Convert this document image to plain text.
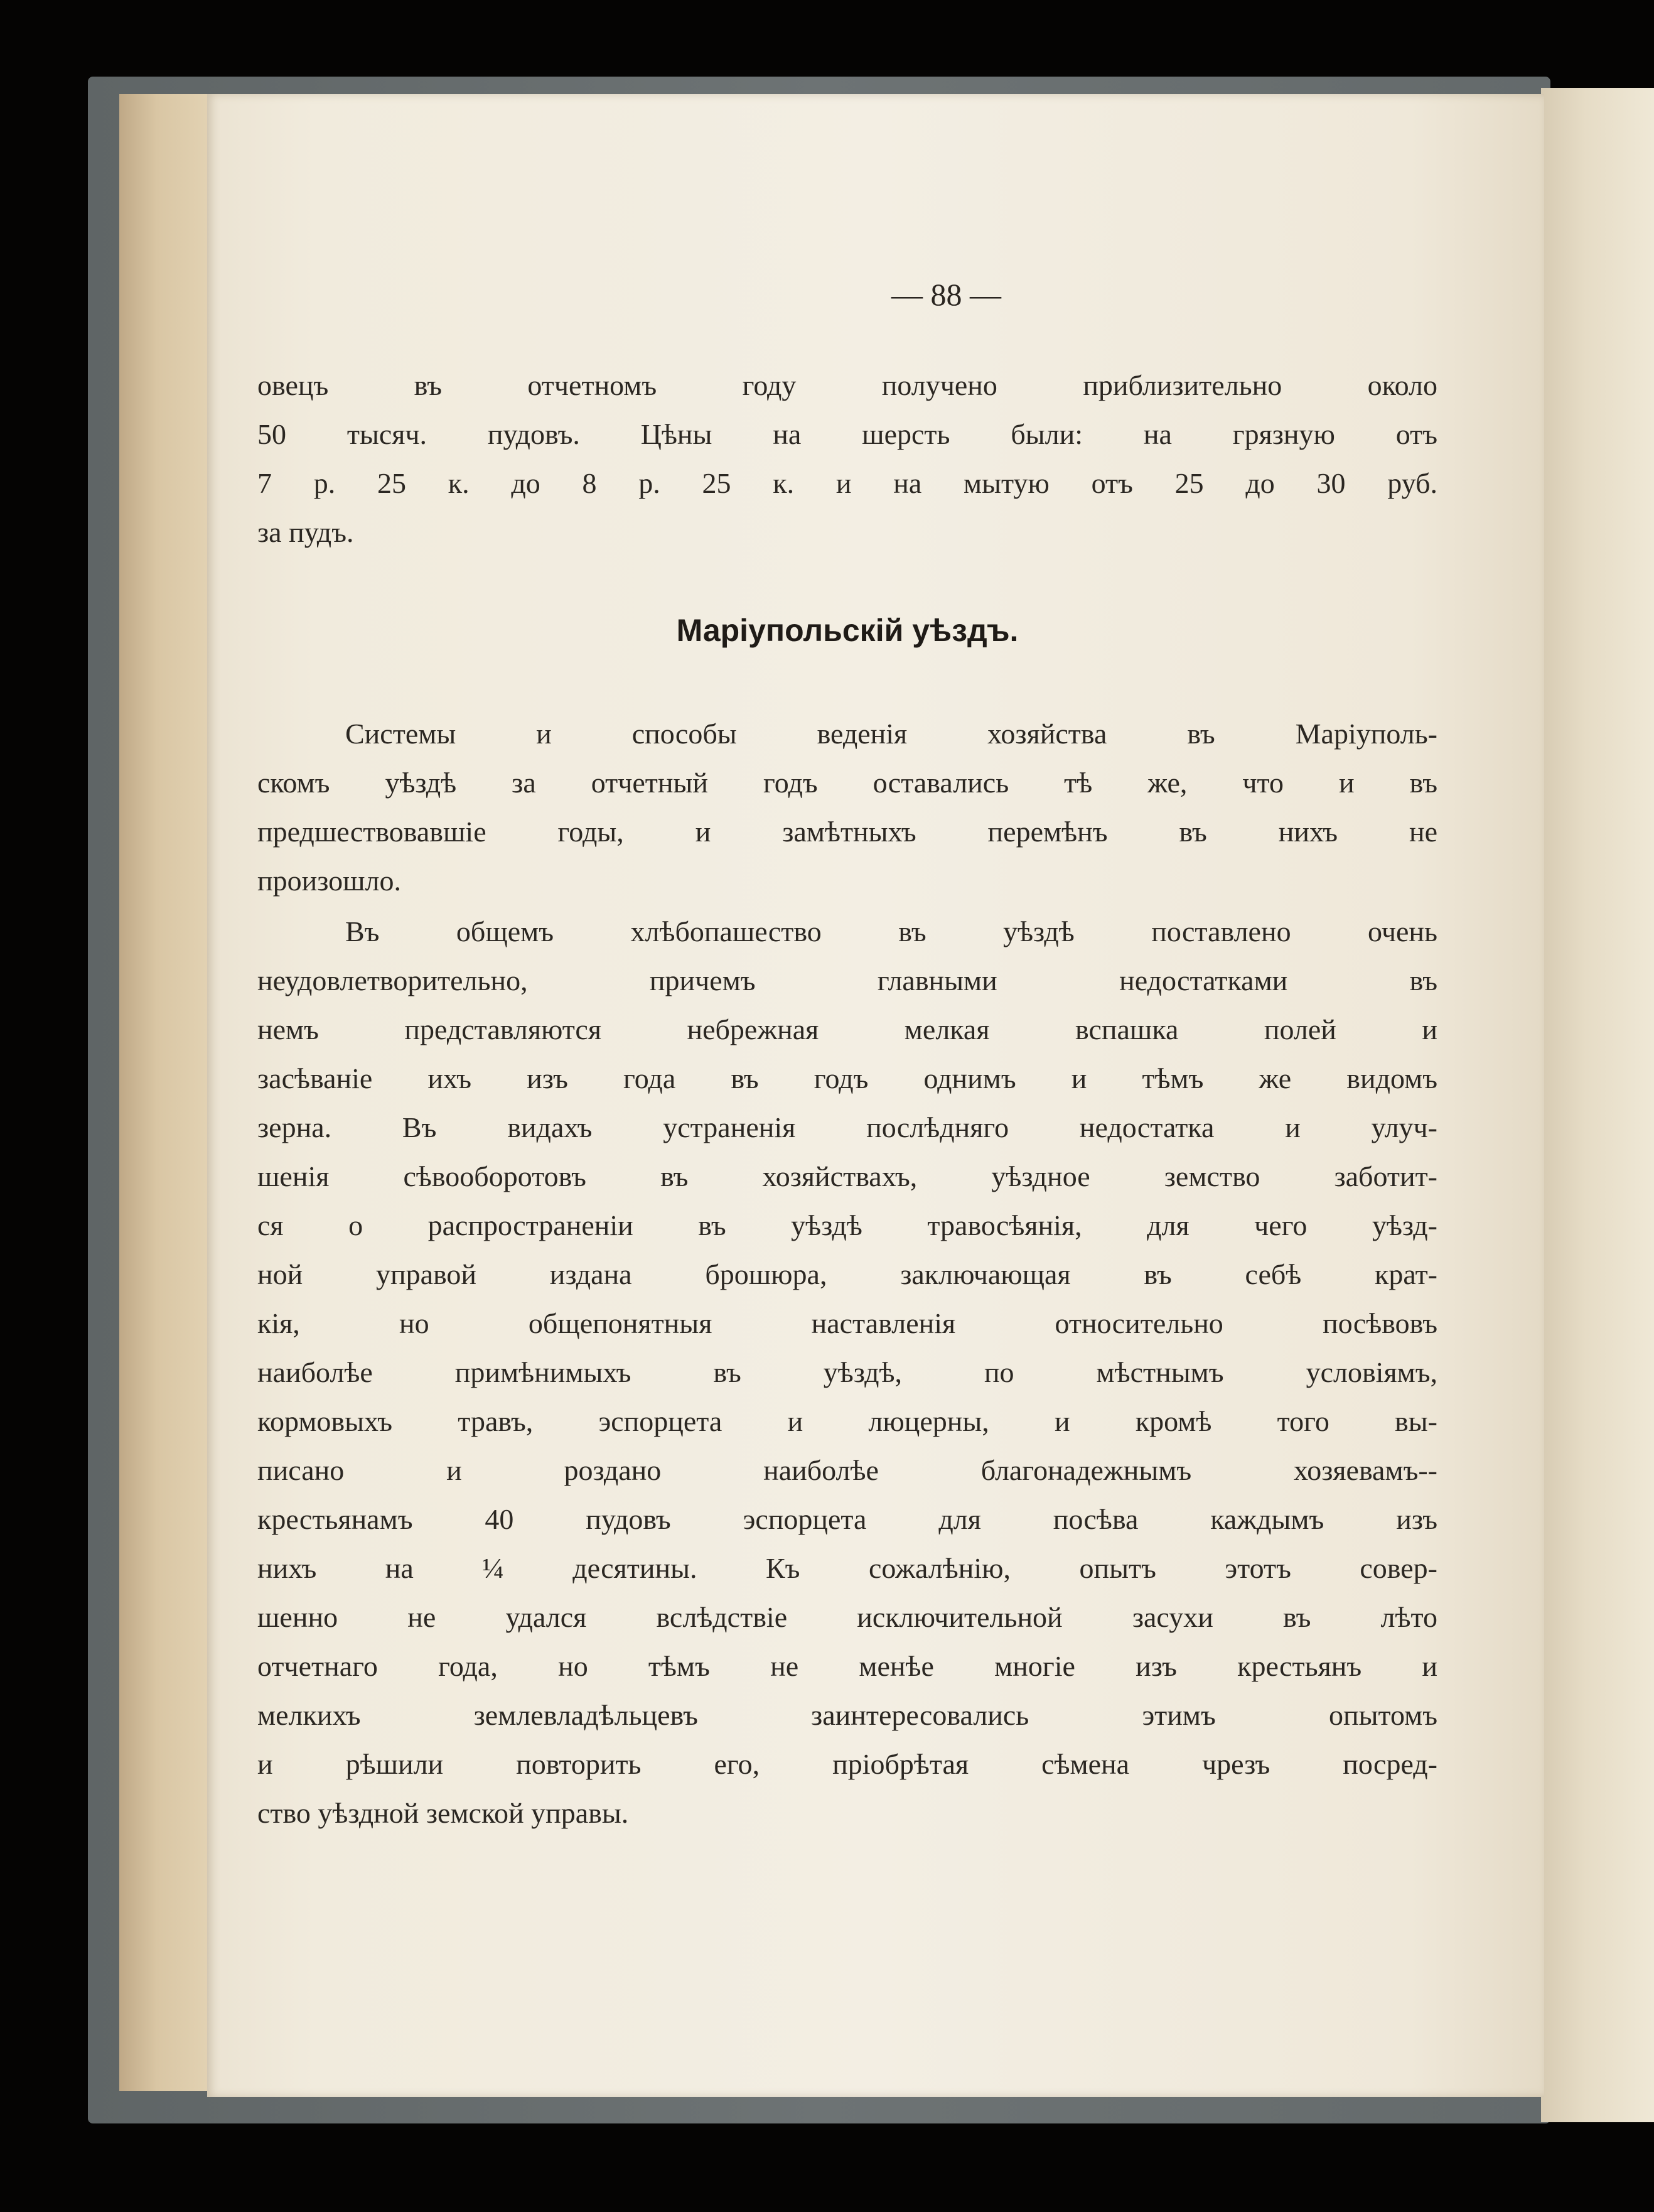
— 88 —
овецъ въ отчетномъ году получено приблизительно около
50 тысяч. пудовъ. Цѣны на шерсть были: на грязную отъ
7 р. 25 к. до 8 р. 25 к. и на мытую отъ 25 до 30 руб.
за пудъ.
Маріупольскій уѣздъ.
Системы и способы веденія хозяйства въ Маріуполь-
скомъ уѣздѣ за отчетный годъ оставались тѣ же, что и въ
предшествовавшіе годы, и замѣтныхъ перемѣнъ въ нихъ не
произошло.
Въ общемъ хлѣбопашество въ уѣздѣ поставлено очень
неудовлетворительно, причемъ главными недостатками въ
немъ представляются небрежная мелкая вспашка полей и
засѣваніе ихъ изъ года въ годъ однимъ и тѣмъ же видомъ
зерна. Въ видахъ устраненія послѣдняго недостатка и улуч-
шенія сѣвооборотовъ въ хозяйствахъ, уѣздное земство заботит-
ся о распространеніи въ уѣздѣ травосѣянія, для чего уѣзд-
ной управой издана брошюра, заключающая въ себѣ крат-
кія, но общепонятныя наставленія относительно посѣвовъ
наиболѣе примѣнимыхъ въ уѣздѣ, по мѣстнымъ условіямъ,
кормовыхъ травъ, эспорцета и люцерны, и кромѣ того вы-
писано и роздано наиболѣе благонадежнымъ хозяевамъ--
крестьянамъ 40 пудовъ эспорцета для посѣва каждымъ изъ
нихъ на ¼ десятины. Къ сожалѣнію, опытъ этотъ совер-
шенно не удался вслѣдствіе исключительной засухи въ лѣто
отчетнаго года, но тѣмъ не менѣе многіе изъ крестьянъ и
мелкихъ землевладѣльцевъ заинтересовались этимъ опытомъ
и рѣшили повторить его, пріобрѣтая сѣмена чрезъ посред-
ство уѣздной земской управы.
